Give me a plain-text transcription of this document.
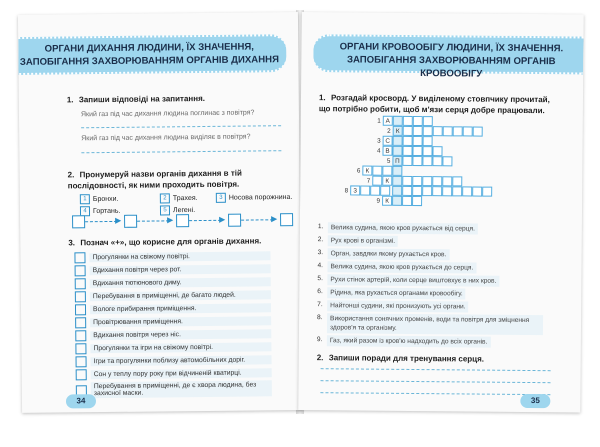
ОРГАНИ ДИХАННЯ ЛЮДИНИ, ЇХ ЗНАЧЕННЯ, ЗАПОБІГАННЯ ЗАХВОРЮВАННЯМ ОРГАНІВ ДИХАННЯ
1. Запиши відповіді на запитання.
Який газ під час дихання людина поглинає з повітря?
Який газ під час дихання людина виділяє в повітря?
2. Пронумеруй назви органів дихання в тій послідовності, як ними проходить повітря.
1 Бронхи.	2 Трахея.	3 Носова порожнина.
4 Гортань.	5 Легені.
▶	▶	▶	▶
3. Познач «+», що корисне для органів дихання.
Прогулянки на свіжому повітрі.
Вдихання повітря через рот.
Вдихання тютюнового диму.
Перебування в приміщенні, де багато людей.
Вологе прибирання приміщення.
Провітрювання приміщення.
Вдихання повітря через ніс.
Прогулянки та ігри на свіжому повітрі.
Ігри та прогулянки поблизу автомобільних доріг.
Сон у теплу пору року при відчиненій кватирці.
Перебування в приміщенні, де є хвора людина, без захисної маски.
34
ОРГАНИ КРОВООБІГУ ЛЮДИНИ, ЇХ ЗНАЧЕННЯ. ЗАПОБІГАННЯ ЗАХВОРЮВАННЯМ ОРГАНІВ КРОВООБІГУ
1. Розгадай кросворд. У виділеному стовпчику прочитай, що потрібно робити, щоб м'язи серця добре працювали.
1 А
2 К
3 С
4 В
5 П
6 К
7	К
8 3
9 К
1. Велика судина, якою кров рухається від серця.
2. Рух крові в організмі.
3. Орган, завдяки якому рухається кров.
4. Велика судина, якою кров рухається до серця.
5. Рухи стінок артерій, коли серце виштовхує в них кров.
6. Рідина, яка рухається органами кровообігу.
7. Найтонші судини, які пронизують усі органи.
8. Використання сонячних променів, води та повітря для зміцнення здоров'я та організму.
9. Газ, який разом із кров'ю надходить до всіх органів.
2. Запиши поради для тренування серця.
35
